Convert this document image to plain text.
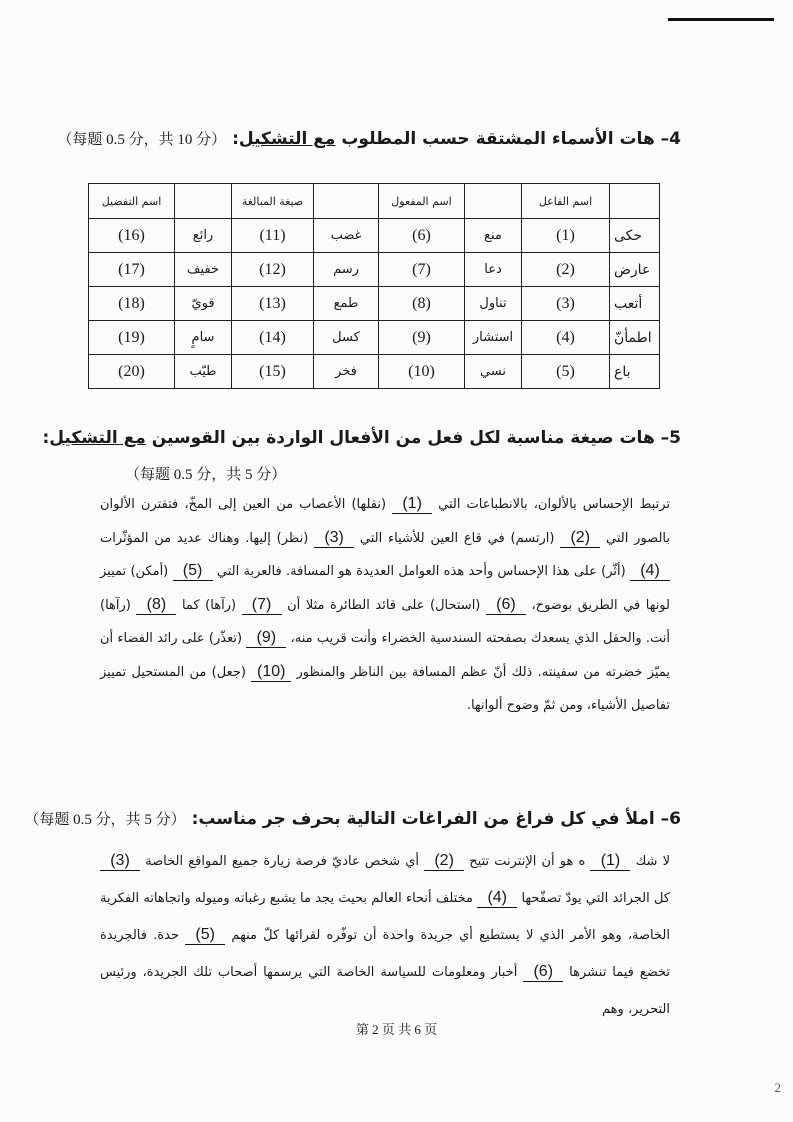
4– هات الأسماء المشتقة حسب المطلوب مع التشكيل: （每题 0.5 分，共 10 分）
	اسم الفاعل		اسم المفعول		صيغة المبالغة		اسم التفضيل
حكى	(1)	منع	(6)	غضب	(11)	رائع	(16)
عارض	(2)	دعا	(7)	رسم	(12)	خفيف	(17)
أتعب	(3)	تناول	(8)	طمع	(13)	قويّ	(18)
اطمأنّ	(4)	استشار	(9)	كسل	(14)	سامٍ	(19)
باع	(5)	نسي	(10)	فخر	(15)	طيّب	(20)
5– هات صيغة مناسبة لكل فعل من الأفعال الواردة بين القوسين مع التشكيل:
（每题 0.5 分，共 5 分）
ترتبط الإحساس بالألوان، بالانطباعات التي (1) (نقلها) الأعصاب من العين إلى المخّ، فتقترن الألوان بالصور التي (2) (ارتسم) في قاع العين للأشياء التي (3) (نظر) إليها. وهناك عديد من المؤثّرات (4) (أثّر) على هذا الإحساس وأحد هذه العوامل العديدة هو المسافة. فالعربة التي (5) (أمكن) تمييز لونها في الطريق بوضوح، (6) (استحال) على قائد الطائرة مثلا أن (7) (رآها) كما (8) (رآها) أنت. والحقل الذي يسعدك بصفحته السندسية الخضراء وأنت قريب منه، (9) (تعذّر) على رائد الفضاء أن يميّز خضرته من سفينته. ذلك أنّ عظم المسافة بين الناظر والمنظور (10) (جعل) من المستحيل تمييز تفاصيل الأشياء، ومن ثمّ وضوح ألوانها.
6– املأ في كل فراغ من الفراغات التالية بحرف جر مناسب: （每题 0.5 分，共 5 分）
لا شك (1) ه هو أن الإنترنت تتيح (2) أي شخص عاديّ فرصة زيارة جميع المواقع الخاصة (3) كل الجرائد التي يودّ تصفّحها (4) مختلف أنحاء العالم بحيث يجد ما يشبع رغباته وميوله واتجاهاته الفكرية الخاصة، وهو الأمر الذي لا يستطيع أي جريدة واحدة أن توفّره لقرائها كلّ منهم (5) حدة. فالجريدة تخضع فيما تنشرها (6) أخبار ومعلومات للسياسة الخاصة التي يرسمها أصحاب تلك الجريدة، ورئيس التحرير، وهم
第 2 页 共 6 页
2
